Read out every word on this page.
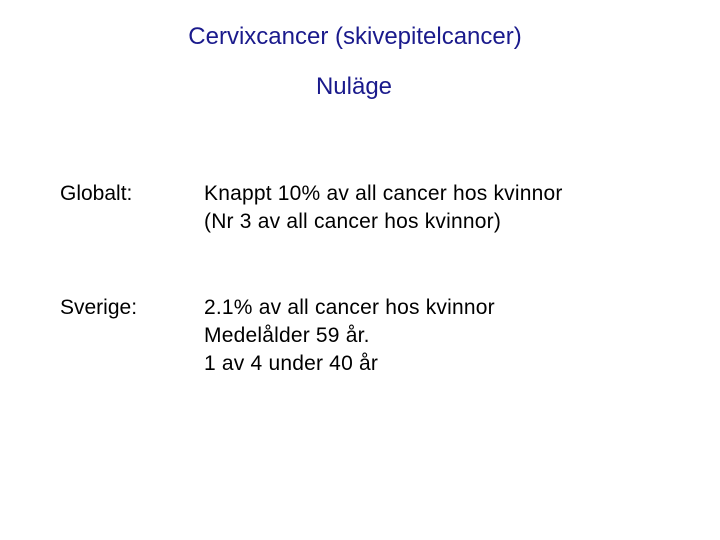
Cervixcancer (skivepitelcancer)
Nuläge
Globalt:	Knappt 10% av all cancer hos kvinnor
(Nr 3 av all cancer hos kvinnor)
Sverige:	2.1% av all cancer hos kvinnor
Medelålder 59 år.
1 av 4 under 40 år
